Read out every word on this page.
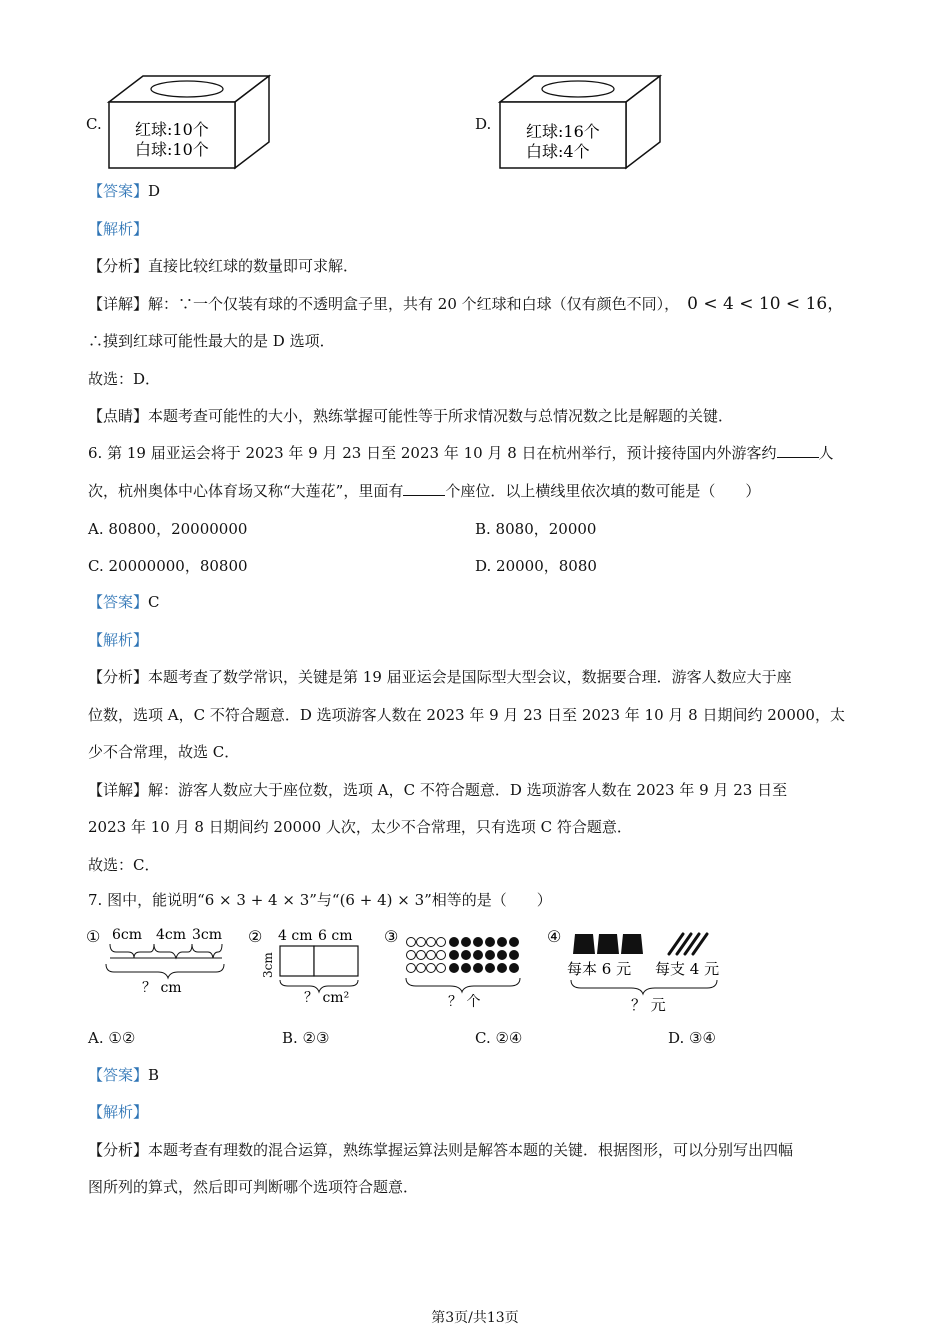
C. 红球:10个
白球:10个
D. 红球:16个
白球:4个
【答案】D
【解析】
【分析】直接比较红球的数量即可求解．
【详解】解：∵一个仅装有球的不透明盒子里，共有 20 个红球和白球（仅有颜色不同）， 0 < 4 < 10 < 16，
∴摸到红球可能性最大的是 D 选项．
故选：D．
【点睛】本题考查可能性的大小，熟练掌握可能性等于所求情况数与总情况数之比是解题的关键．
6. 第 19 届亚运会将于 2023 年 9 月 23 日至 2023 年 10 月 8 日在杭州举行，预计接待国内外游客约	人
次，杭州奥体中心体育场又称“大莲花”，里面有	个座位．以上横线里依次填的数可能是（　　）
A. 80800，20000000	B. 8080，20000
C. 20000000，80800	D. 20000，8080
【答案】C
【解析】
【分析】本题考查了数学常识，关键是第 19 届亚运会是国际型大型会议，数据要合理．游客人数应大于座
位数，选项 A，C 不符合题意．D 选项游客人数在 2023 年 9 月 23 日至 2023 年 10 月 8 日期间约 20000，太
少不合常理，故选 C．
【详解】解：游客人数应大于座位数，选项 A，C 不符合题意．D 选项游客人数在 2023 年 9 月 23 日至
2023 年 10 月 8 日期间约 20000 人次，太少不合常理，只有选项 C 符合题意．
故选：C．
7. 图中，能说明“6 × 3 + 4 × 3”与“(6 + 4) × 3”相等的是（　　）
① 6cm 4cm 3cm
？ cm
② 4 cm 6 cm
3cm
？ cm²
③
？ 个
④
每本 6 元 每支 4 元
？ 元
A. ①②	B. ②③	C. ②④	D. ③④
【答案】B
【解析】
【分析】本题考查有理数的混合运算，熟练掌握运算法则是解答本题的关键．根据图形，可以分别写出四幅
图所列的算式，然后即可判断哪个选项符合题意．
第3页/共13页
